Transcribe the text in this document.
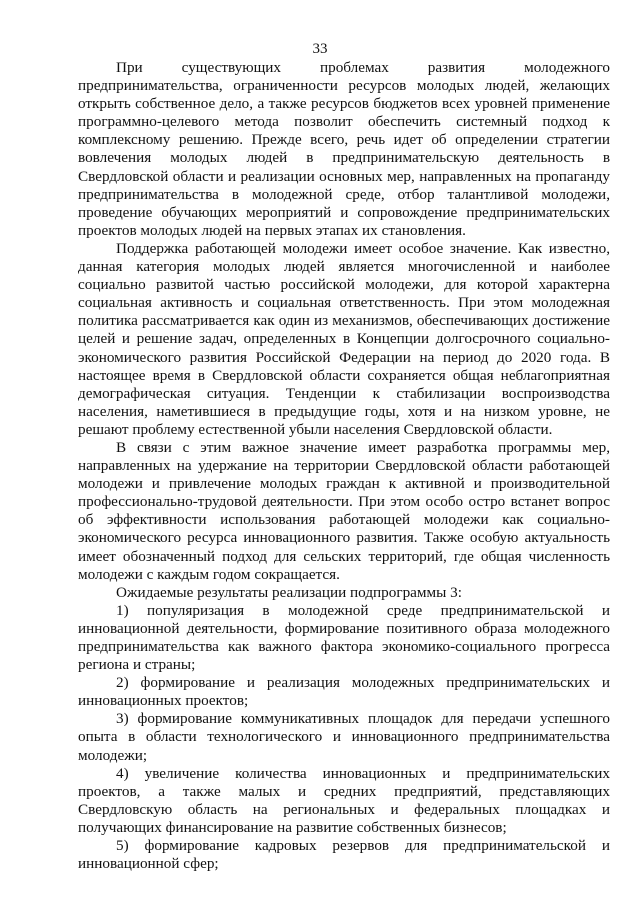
33

При существующих проблемах развития молодежного предпринимательства, ограниченности ресурсов молодых людей, желающих открыть собственное дело, а также ресурсов бюджетов всех уровней применение программно-целевого метода позволит обеспечить системный подход к комплексному решению. Прежде всего, речь идет об определении стратегии вовлечения молодых людей в предпринимательскую деятельность в Свердловской области и реализации основных мер, направленных на пропаганду предпринимательства в молодежной среде, отбор талантливой молодежи, проведение обучающих мероприятий и сопровождение предпринимательских проектов молодых людей на первых этапах их становления.

Поддержка работающей молодежи имеет особое значение. Как известно, данная категория молодых людей является многочисленной и наиболее социально развитой частью российской молодежи, для которой характерна социальная активность и социальная ответственность. При этом молодежная политика рассматривается как один из механизмов, обеспечивающих достижение целей и решение задач, определенных в Концепции долгосрочного социально-экономического развития Российской Федерации на период до 2020 года. В настоящее время в Свердловской области сохраняется общая неблагоприятная демографическая ситуация. Тенденции к стабилизации воспроизводства населения, наметившиеся в предыдущие годы, хотя и на низком уровне, не решают проблему естественной убыли населения Свердловской области.

В связи с этим важное значение имеет разработка программы мер, направленных на удержание на территории Свердловской области работающей молодежи и привлечение молодых граждан к активной и производительной профессионально-трудовой деятельности. При этом особо остро встанет вопрос об эффективности использования работающей молодежи как социально-экономического ресурса инновационного развития. Также особую актуальность имеет обозначенный подход для сельских территорий, где общая численность молодежи с каждым годом сокращается.

Ожидаемые результаты реализации подпрограммы 3:

1) популяризация в молодежной среде предпринимательской и инновационной деятельности, формирование позитивного образа молодежного предпринимательства как важного фактора экономико-социального прогресса региона и страны;

2) формирование и реализация молодежных предпринимательских и инновационных проектов;

3) формирование коммуникативных площадок для передачи успешного опыта в области технологического и инновационного предпринимательства молодежи;

4) увеличение количества инновационных и предпринимательских проектов, а также малых и средних предприятий, представляющих Свердловскую область на региональных и федеральных площадках и получающих финансирование на развитие собственных бизнесов;

5) формирование кадровых резервов для предпринимательской и инновационной сфер;
